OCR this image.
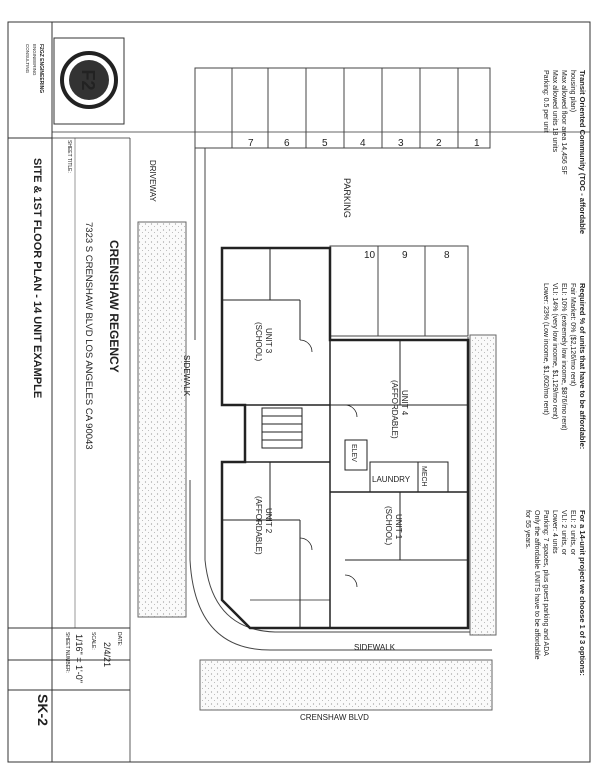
F2
1
2
3
4
5
6
7
8
9
10
PARKING
DRIVEWAY
SIDEWALK
SIDEWALK
CRENSHAW BLVD
UNIT 3
(SCHOOL)
UNIT 2
(AFFORDABLE)
UNIT 4
(AFFORDABLE)
UNIT 1
(SCHOOL)
ELEV
LAUNDRY MECH
F2GZ ENGINEERING
ENGINEERING
CONSULTING
SHEET TITLE:
SITE & 1ST FLOOR PLAN - 14 UNIT EXAMPLE	CRENSHAW REGENCY
7323 S CRENSHAW BLVD LOS ANGELES CA 90043
DATE:
2/4/21
SCALE:
1/16" = 1'-0"
SHEET NUMBER:
SK-2
Transit Oriented Community (TOC - affordable
housing plan)
Max allowed floor area 14,456 SF
Max allowed units 18 units
Parking: 0.5 per unit
Required % of units that have to be affordable:
Fair Market: 0% ($2,126/mo rent)
ELI: 10% (extremely low income, $876/mo rent)
VLI: 14% (very low income, $1,129/mo rent)
Lower: 23% (Low income, $1,602/mo rent)
For a 14-unit project we choose 1 of 3 options:
ELI: 2 units, or
VLI: 2 units, or
Lower: 4 units
Parking: 7 spaces, plus guest parking and ADA
Only the affordable UNITS have to be affordable
for 55 years.
